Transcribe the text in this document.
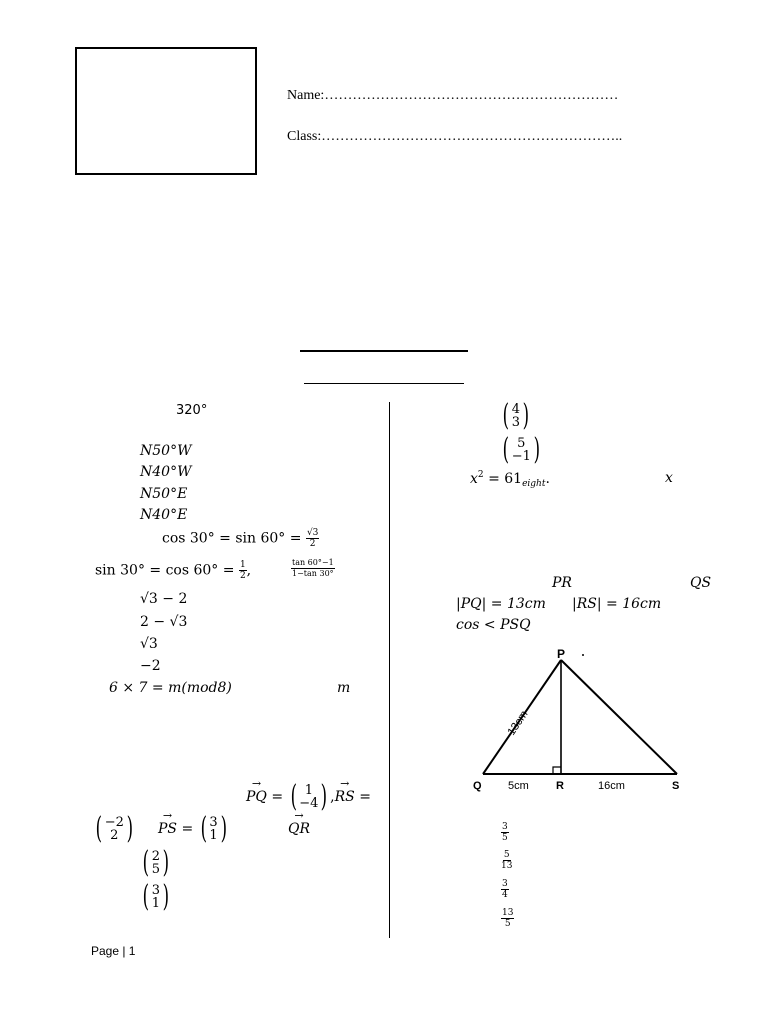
Name:………………………………………………………
Class:………………………………………………………..
320°
N50°W
N40°W
N50°E
N40°E
$\cos 30^\circ = \sin 60^\circ = \frac{√3}{2}$
$\sin 30^\circ = \cos 60^\circ = \frac{1}{2}$ ,	$\frac{\tan 60^\circ-1}{1-\tan 30^\circ}$
√3 − 2
2 − √3
√3
−2
6 × 7 = m(mod8)	m
→ PQ = ( 1
−4 ) ,→ RS =
( −2
2 ) → PS = ( 3
1 )	→ QR
( 2
5 )
( 3
1 )
( 4
3 )
( 5
−1 )
$x^2 = 61_{eight}$.	x
PR	QS
|PQ| = 13cm |RS| = 16cm
cos < PSQ
P
Q	R	S
13cm
5cm	16cm
$\frac{3}{5}$
$\frac{5}{13}$
$\frac{3}{4}$
$\frac{13}{5}$
Page | 1
